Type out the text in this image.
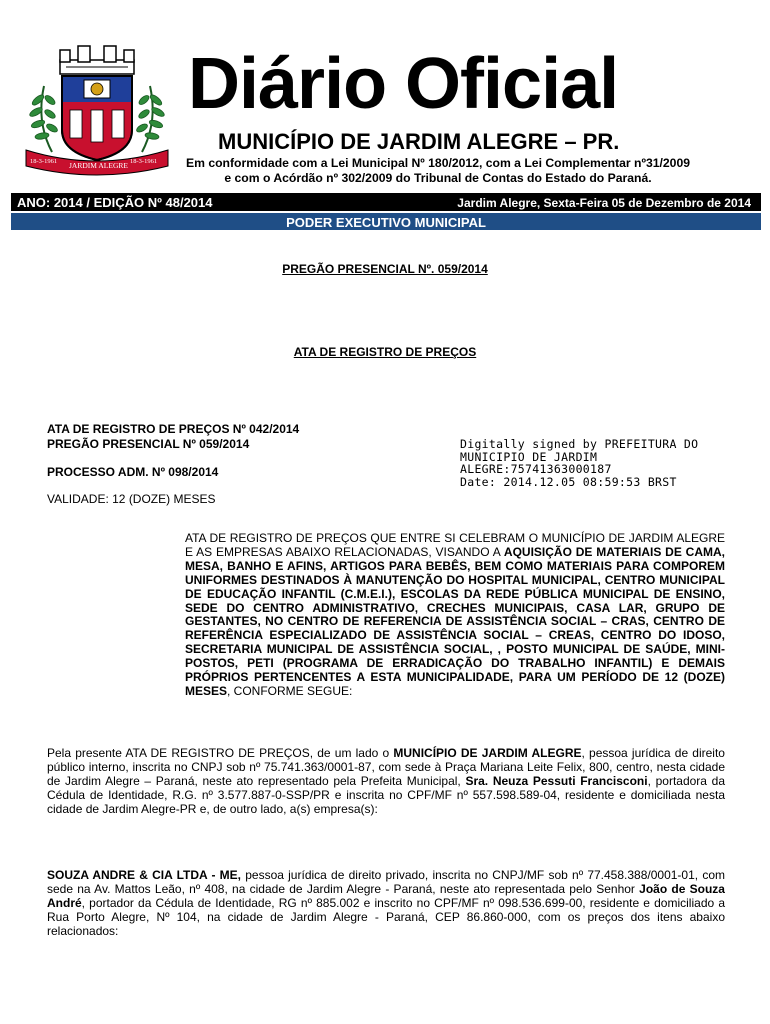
18-3-1961 JARDIM ALEGRE 18-3-1961
Diário Oficial
MUNICÍPIO DE JARDIM ALEGRE – PR.
Em conformidade com a Lei Municipal Nº 180/2012, com a Lei Complementar nº31/2009
e com o Acórdão nº 302/2009 do Tribunal de Contas do Estado do Paraná.
ANO: 2014 / EDIÇÃO Nº 48/2014	Jardim Alegre, Sexta-Feira 05 de Dezembro de 2014
PODER EXECUTIVO MUNICIPAL
PREGÃO PRESENCIAL Nº. 059/2014
ATA DE REGISTRO DE PREÇOS
ATA DE REGISTRO DE PREÇOS Nº 042/2014
PREGÃO PRESENCIAL Nº 059/2014
PROCESSO ADM. Nº 098/2014
VALIDADE: 12 (DOZE) MESES
Digitally signed by PREFEITURA DO
MUNICIPIO DE JARDIM
ALEGRE:75741363000187
Date: 2014.12.05 08:59:53 BRST
ATA DE REGISTRO DE PREÇOS QUE ENTRE SI CELEBRAM O MUNICÍPIO DE JARDIM ALEGRE E AS EMPRESAS ABAIXO RELACIONADAS, VISANDO A AQUISIÇÃO DE MATERIAIS DE CAMA, MESA, BANHO E AFINS, ARTIGOS PARA BEBÊS, BEM COMO MATERIAIS PARA COMPOREM UNIFORMES DESTINADOS À MANUTENÇÃO DO HOSPITAL MUNICIPAL, CENTRO MUNICIPAL DE EDUCAÇÃO INFANTIL (C.M.E.I.), ESCOLAS DA REDE PÚBLICA MUNICIPAL DE ENSINO, SEDE DO CENTRO ADMINISTRATIVO, CRECHES MUNICIPAIS, CASA LAR, GRUPO DE GESTANTES, NO CENTRO DE REFERENCIA DE ASSISTÊNCIA SOCIAL – CRAS, CENTRO DE REFERÊNCIA ESPECIALIZADO DE ASSISTÊNCIA SOCIAL – CREAS, CENTRO DO IDOSO, SECRETARIA MUNICIPAL DE ASSISTÊNCIA SOCIAL, , POSTO MUNICIPAL DE SAÚDE, MINI-POSTOS, PETI (PROGRAMA DE ERRADICAÇÃO DO TRABALHO INFANTIL) E DEMAIS PRÓPRIOS PERTENCENTES A ESTA MUNICIPALIDADE, PARA UM PERÍODO DE 12 (DOZE) MESES, CONFORME SEGUE:
Pela presente ATA DE REGISTRO DE PREÇOS, de um lado o MUNICÍPIO DE JARDIM ALEGRE, pessoa jurídica de direito público interno, inscrita no CNPJ sob nº 75.741.363/0001-87, com sede à Praça Mariana Leite Felix, 800, centro, nesta cidade de Jardim Alegre – Paraná, neste ato representado pela Prefeita Municipal, Sra. Neuza Pessuti Francisconi, portadora da Cédula de Identidade, R.G. nº 3.577.887-0-SSP/PR e inscrita no CPF/MF nº 557.598.589-04, residente e domiciliada nesta cidade de Jardim Alegre-PR e, de outro lado, a(s) empresa(s):
SOUZA ANDRE & CIA LTDA - ME, pessoa jurídica de direito privado, inscrita no CNPJ/MF sob nº 77.458.388/0001-01, com sede na Av. Mattos Leão, nº 408, na cidade de Jardim Alegre - Paraná, neste ato representada pelo Senhor João de Souza André, portador da Cédula de Identidade, RG nº 885.002 e inscrito no CPF/MF nº 098.536.699-00, residente e domiciliado a Rua Porto Alegre, Nº 104, na cidade de Jardim Alegre - Paraná, CEP 86.860-000, com os preços dos itens abaixo relacionados:
